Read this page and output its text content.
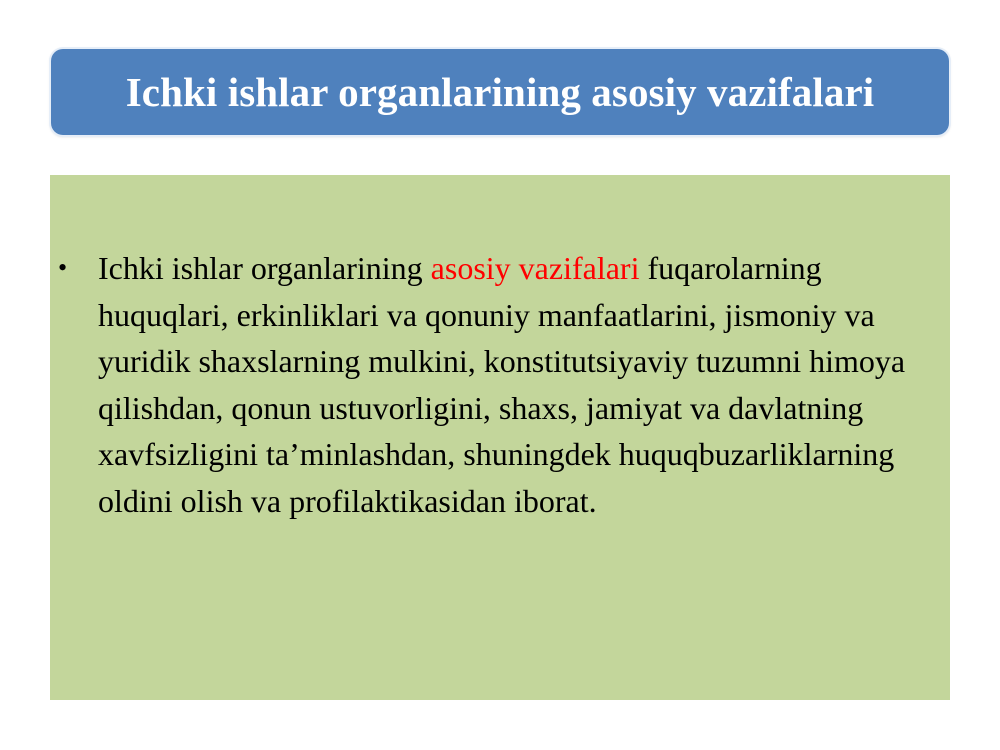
Ichki ishlar organlarining asosiy vazifalari
• Ichki ishlar organlarining asosiy vazifalari fuqarolarning huquqlari, erkinliklari va qonuniy manfaatlarini, jismoniy va yuridik shaxslarning mulkini, konstitutsiyaviy tuzumni himoya qilishdan, qonun ustuvorligini, shaxs, jamiyat va davlatning xavfsizligini ta’minlashdan, shuningdek huquqbuzarliklarning oldini olish va profilaktikasidan iborat.
